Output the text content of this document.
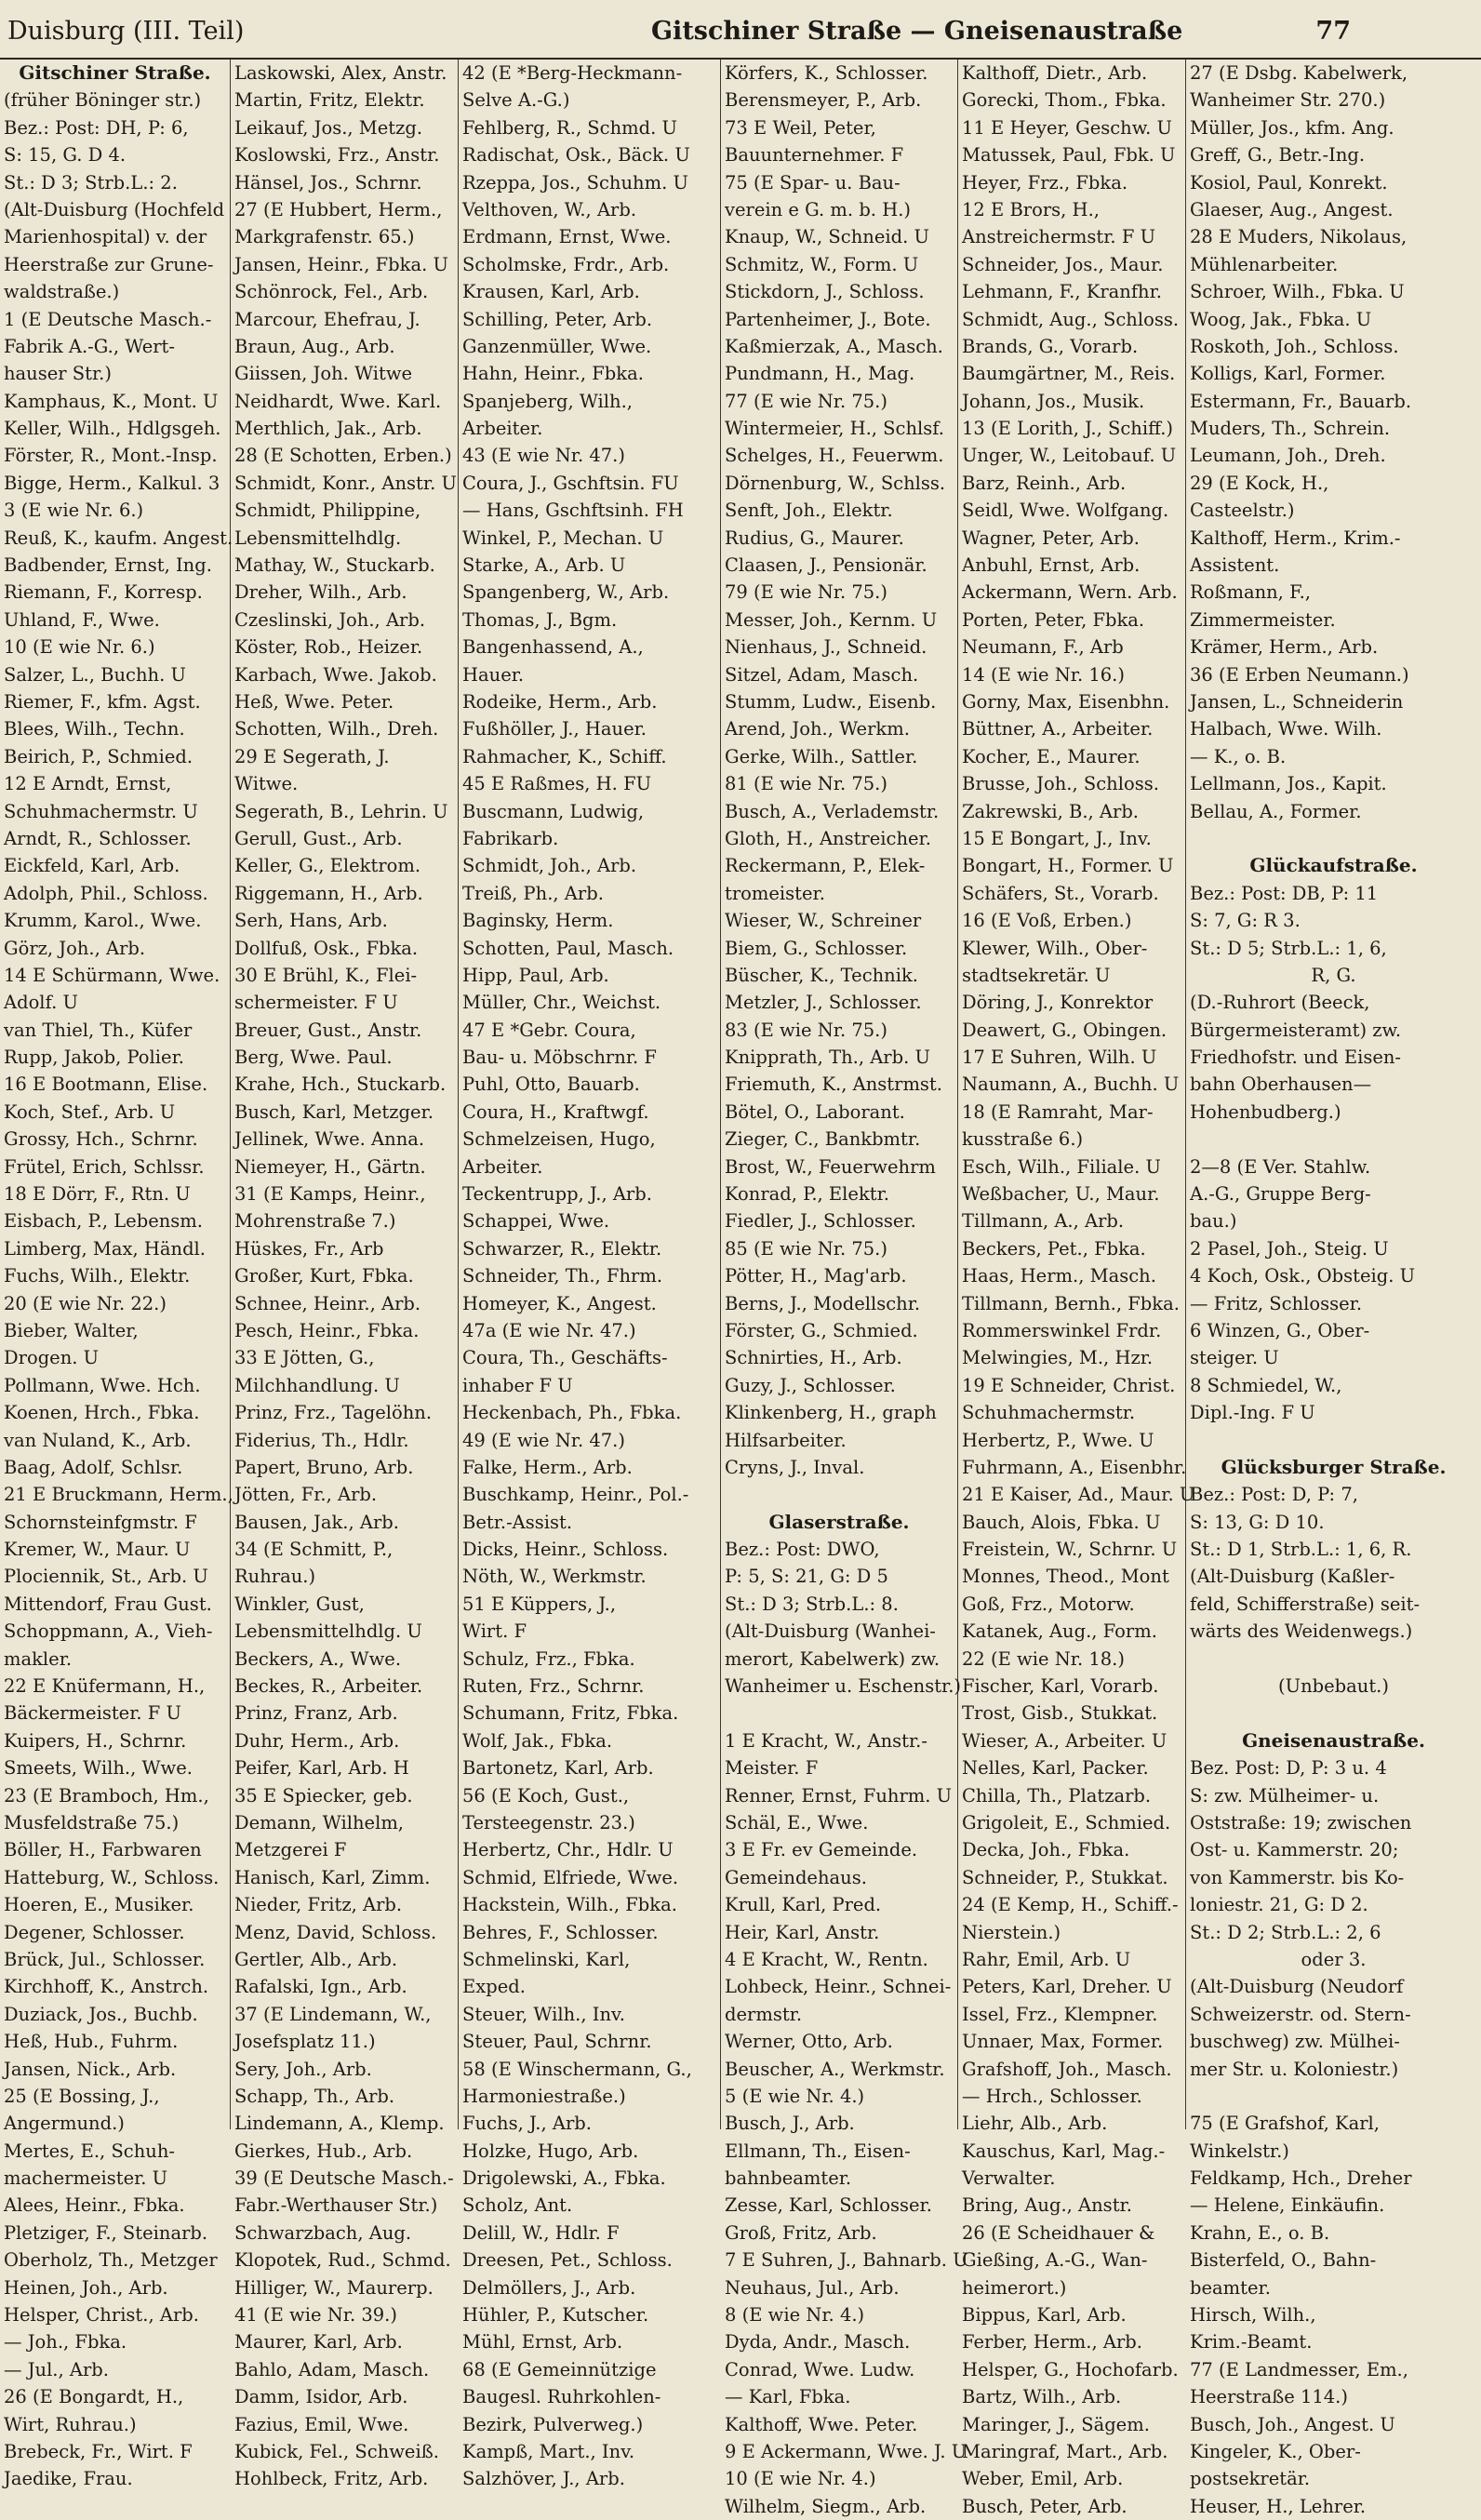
Duisburg (III. Teil)	Gitschiner Straße — Gneisenaustraße	77
Gitschiner Straße.
(früher Böninger str.)
Bez.: Post: DH, P: 6,
S: 15, G. D 4.
St.: D 3; Strb.L.: 2.
(Alt-Duisburg (Hochfeld
Marienhospital) v. der
Heerstraße zur Grune-
waldstraße.)
1 (E Deutsche Masch.-
Fabrik A.-G., Wert-
hauser Str.)
Kamphaus, K., Mont. U
Keller, Wilh., Hdlgsgeh.
Förster, R., Mont.-Insp.
Bigge, Herm., Kalkul. 3
3 (E wie Nr. 6.)
Reuß, K., kaufm. Angest.
Badbender, Ernst, Ing.
Riemann, F., Korresp.
Uhland, F., Wwe.
10 (E wie Nr. 6.)
Salzer, L., Buchh. U
Riemer, F., kfm. Agst.
Blees, Wilh., Techn.
Beirich, P., Schmied.
12 E Arndt, Ernst,
Schuhmachermstr. U
Arndt, R., Schlosser.
Eickfeld, Karl, Arb.
Adolph, Phil., Schloss.
Krumm, Karol., Wwe.
Görz, Joh., Arb.
14 E Schürmann, Wwe.
Adolf. U
van Thiel, Th., Küfer
Rupp, Jakob, Polier.
16 E Bootmann, Elise.
Koch, Stef., Arb. U
Grossy, Hch., Schrnr.
Frütel, Erich, Schlssr.
18 E Dörr, F., Rtn. U
Eisbach, P., Lebensm.
Limberg, Max, Händl.
Fuchs, Wilh., Elektr.
20 (E wie Nr. 22.)
Bieber, Walter,
Drogen. U
Pollmann, Wwe. Hch.
Koenen, Hrch., Fbka.
van Nuland, K., Arb.
Baag, Adolf, Schlsr.
21 E Bruckmann, Herm.,
Schornsteinfgmstr. F
Kremer, W., Maur. U
Plociennik, St., Arb. U
Mittendorf, Frau Gust.
Schoppmann, A., Vieh-
makler.
22 E Knüfermann, H.,
Bäckermeister. F U
Kuipers, H., Schrnr.
Smeets, Wilh., Wwe.
23 (E Bramboch, Hm.,
Musfeldstraße 75.)
Böller, H., Farbwaren
Hatteburg, W., Schloss.
Hoeren, E., Musiker.
Degener, Schlosser.
Brück, Jul., Schlosser.
Kirchhoff, K., Anstrch.
Duziack, Jos., Buchb.
Heß, Hub., Fuhrm.
Jansen, Nick., Arb.
25 (E Bossing, J.,
Angermund.)
Mertes, E., Schuh-
machermeister. U
Alees, Heinr., Fbka.
Pletziger, F., Steinarb.
Oberholz, Th., Metzger
Heinen, Joh., Arb.
Helsper, Christ., Arb.
— Joh., Fbka.
— Jul., Arb.
26 (E Bongardt, H.,
Wirt, Ruhrau.)
Brebeck, Fr., Wirt. F
Jaedike, Frau.
Laskowski, Alex, Anstr.
Martin, Fritz, Elektr.
Leikauf, Jos., Metzg.
Koslowski, Frz., Anstr.
Hänsel, Jos., Schrnr.
27 (E Hubbert, Herm.,
Markgrafenstr. 65.)
Jansen, Heinr., Fbka. U
Schönrock, Fel., Arb.
Marcour, Ehefrau, J.
Braun, Aug., Arb.
Giissen, Joh. Witwe
Neidhardt, Wwe. Karl.
Merthlich, Jak., Arb.
28 (E Schotten, Erben.)
Schmidt, Konr., Anstr. U
Schmidt, Philippine,
Lebensmittelhdlg.
Mathay, W., Stuckarb.
Dreher, Wilh., Arb.
Czeslinski, Joh., Arb.
Köster, Rob., Heizer.
Karbach, Wwe. Jakob.
Heß, Wwe. Peter.
Schotten, Wilh., Dreh.
29 E Segerath, J.
Witwe.
Segerath, B., Lehrin. U
Gerull, Gust., Arb.
Keller, G., Elektrom.
Riggemann, H., Arb.
Serh, Hans, Arb.
Dollfuß, Osk., Fbka.
30 E Brühl, K., Flei-
schermeister. F U
Breuer, Gust., Anstr.
Berg, Wwe. Paul.
Krahe, Hch., Stuckarb.
Busch, Karl, Metzger.
Jellinek, Wwe. Anna.
Niemeyer, H., Gärtn.
31 (E Kamps, Heinr.,
Mohrenstraße 7.)
Hüskes, Fr., Arb
Großer, Kurt, Fbka.
Schnee, Heinr., Arb.
Pesch, Heinr., Fbka.
33 E Jötten, G.,
Milchhandlung. U
Prinz, Frz., Tagelöhn.
Fiderius, Th., Hdlr.
Papert, Bruno, Arb.
Jötten, Fr., Arb.
Bausen, Jak., Arb.
34 (E Schmitt, P.,
Ruhrau.)
Winkler, Gust,
Lebensmittelhdlg. U
Beckers, A., Wwe.
Beckes, R., Arbeiter.
Prinz, Franz, Arb.
Duhr, Herm., Arb.
Peifer, Karl, Arb. H
35 E Spiecker, geb.
Demann, Wilhelm,
Metzgerei F
Hanisch, Karl, Zimm.
Nieder, Fritz, Arb.
Menz, David, Schloss.
Gertler, Alb., Arb.
Rafalski, Ign., Arb.
37 (E Lindemann, W.,
Josefsplatz 11.)
Sery, Joh., Arb.
Schapp, Th., Arb.
Lindemann, A., Klemp.
Gierkes, Hub., Arb.
39 (E Deutsche Masch.-
Fabr.-Werthauser Str.)
Schwarzbach, Aug.
Klopotek, Rud., Schmd.
Hilliger, W., Maurerp.
41 (E wie Nr. 39.)
Maurer, Karl, Arb.
Bahlo, Adam, Masch.
Damm, Isidor, Arb.
Fazius, Emil, Wwe.
Kubick, Fel., Schweiß.
Hohlbeck, Fritz, Arb.
42 (E *Berg-Heckmann-
Selve A.-G.)
Fehlberg, R., Schmd. U
Radischat, Osk., Bäck. U
Rzeppa, Jos., Schuhm. U
Velthoven, W., Arb.
Erdmann, Ernst, Wwe.
Scholmske, Frdr., Arb.
Krausen, Karl, Arb.
Schilling, Peter, Arb.
Ganzenmüller, Wwe.
Hahn, Heinr., Fbka.
Spanjeberg, Wilh.,
Arbeiter.
43 (E wie Nr. 47.)
Coura, J., Gschftsin. FU
— Hans, Gschftsinh. FH
Winkel, P., Mechan. U
Starke, A., Arb. U
Spangenberg, W., Arb.
Thomas, J., Bgm.
Bangenhassend, A.,
Hauer.
Rodeike, Herm., Arb.
Fußhöller, J., Hauer.
Rahmacher, K., Schiff.
45 E Raßmes, H. FU
Buscmann, Ludwig,
Fabrikarb.
Schmidt, Joh., Arb.
Treiß, Ph., Arb.
Baginsky, Herm.
Schotten, Paul, Masch.
Hipp, Paul, Arb.
Müller, Chr., Weichst.
47 E *Gebr. Coura,
Bau- u. Möbschrnr. F
Puhl, Otto, Bauarb.
Coura, H., Kraftwgf.
Schmelzeisen, Hugo,
Arbeiter.
Teckentrupp, J., Arb.
Schappei, Wwe.
Schwarzer, R., Elektr.
Schneider, Th., Fhrm.
Homeyer, K., Angest.
47a (E wie Nr. 47.)
Coura, Th., Geschäfts-
inhaber F U
Heckenbach, Ph., Fbka.
49 (E wie Nr. 47.)
Falke, Herm., Arb.
Buschkamp, Heinr., Pol.-
Betr.-Assist.
Dicks, Heinr., Schloss.
Nöth, W., Werkmstr.
51 E Küppers, J.,
Wirt. F
Schulz, Frz., Fbka.
Ruten, Frz., Schrnr.
Schumann, Fritz, Fbka.
Wolf, Jak., Fbka.
Bartonetz, Karl, Arb.
56 (E Koch, Gust.,
Tersteegenstr. 23.)
Herbertz, Chr., Hdlr. U
Schmid, Elfriede, Wwe.
Hackstein, Wilh., Fbka.
Behres, F., Schlosser.
Schmelinski, Karl,
Exped.
Steuer, Wilh., Inv.
Steuer, Paul, Schrnr.
58 (E Winschermann, G.,
Harmoniestraße.)
Fuchs, J., Arb.
Holzke, Hugo, Arb.
Drigolewski, A., Fbka.
Scholz, Ant.
Delill, W., Hdlr. F
Dreesen, Pet., Schloss.
Delmöllers, J., Arb.
Hühler, P., Kutscher.
Mühl, Ernst, Arb.
68 (E Gemeinnützige
Baugesl. Ruhrkohlen-
Bezirk, Pulverweg.)
Kampß, Mart., Inv.
Salzhöver, J., Arb.
Körfers, K., Schlosser.
Berensmeyer, P., Arb.
73 E Weil, Peter,
Bauunternehmer. F
75 (E Spar- u. Bau-
verein e G. m. b. H.)
Knaup, W., Schneid. U
Schmitz, W., Form. U
Stickdorn, J., Schloss.
Partenheimer, J., Bote.
Kaßmierzak, A., Masch.
Pundmann, H., Mag.
77 (E wie Nr. 75.)
Wintermeier, H., Schlsf.
Schelges, H., Feuerwm.
Dörnenburg, W., Schlss.
Senft, Joh., Elektr.
Rudius, G., Maurer.
Claasen, J., Pensionär.
79 (E wie Nr. 75.)
Messer, Joh., Kernm. U
Nienhaus, J., Schneid.
Sitzel, Adam, Masch.
Stumm, Ludw., Eisenb.
Arend, Joh., Werkm.
Gerke, Wilh., Sattler.
81 (E wie Nr. 75.)
Busch, A., Verlademstr.
Gloth, H., Anstreicher.
Reckermann, P., Elek-
tromeister.
Wieser, W., Schreiner
Biem, G., Schlosser.
Büscher, K., Technik.
Metzler, J., Schlosser.
83 (E wie Nr. 75.)
Knipprath, Th., Arb. U
Friemuth, K., Anstrmst.
Bötel, O., Laborant.
Zieger, C., Bankbmtr.
Brost, W., Feuerwehrm
Konrad, P., Elektr.
Fiedler, J., Schlosser.
85 (E wie Nr. 75.)
Pötter, H., Mag'arb.
Berns, J., Modellschr.
Förster, G., Schmied.
Schnirties, H., Arb.
Guzy, J., Schlosser.
Klinkenberg, H., graph
Hilfsarbeiter.
Cryns, J., Inval.
Glaserstraße.
Bez.: Post: DWO,
P: 5, S: 21, G: D 5
St.: D 3; Strb.L.: 8.
(Alt-Duisburg (Wanhei-
merort, Kabelwerk) zw.
Wanheimer u. Eschenstr.)
1 E Kracht, W., Anstr.-
Meister. F
Renner, Ernst, Fuhrm. U
Schäl, E., Wwe.
3 E Fr. ev Gemeinde.
Gemeindehaus.
Krull, Karl, Pred.
Heir, Karl, Anstr.
4 E Kracht, W., Rentn.
Lohbeck, Heinr., Schnei-
dermstr.
Werner, Otto, Arb.
Beuscher, A., Werkmstr.
5 (E wie Nr. 4.)
Busch, J., Arb.
Ellmann, Th., Eisen-
bahnbeamter.
Zesse, Karl, Schlosser.
Groß, Fritz, Arb.
7 E Suhren, J., Bahnarb. U
Neuhaus, Jul., Arb.
8 (E wie Nr. 4.)
Dyda, Andr., Masch.
Conrad, Wwe. Ludw.
— Karl, Fbka.
Kalthoff, Wwe. Peter.
9 E Ackermann, Wwe. J. U
10 (E wie Nr. 4.)
Wilhelm, Siegm., Arb.
Kalthoff, Dietr., Arb.
Gorecki, Thom., Fbka.
11 E Heyer, Geschw. U
Matussek, Paul, Fbk. U
Heyer, Frz., Fbka.
12 E Brors, H.,
Anstreichermstr. F U
Schneider, Jos., Maur.
Lehmann, F., Kranfhr.
Schmidt, Aug., Schloss.
Brands, G., Vorarb.
Baumgärtner, M., Reis.
Johann, Jos., Musik.
13 (E Lorith, J., Schiff.)
Unger, W., Leitobauf. U
Barz, Reinh., Arb.
Seidl, Wwe. Wolfgang.
Wagner, Peter, Arb.
Anbuhl, Ernst, Arb.
Ackermann, Wern. Arb.
Porten, Peter, Fbka.
Neumann, F., Arb
14 (E wie Nr. 16.)
Gorny, Max, Eisenbhn.
Büttner, A., Arbeiter.
Kocher, E., Maurer.
Brusse, Joh., Schloss.
Zakrewski, B., Arb.
15 E Bongart, J., Inv.
Bongart, H., Former. U
Schäfers, St., Vorarb.
16 (E Voß, Erben.)
Klewer, Wilh., Ober-
stadtsekretär. U
Döring, J., Konrektor
Deawert, G., Obingen.
17 E Suhren, Wilh. U
Naumann, A., Buchh. U
18 (E Ramraht, Mar-
kusstraße 6.)
Esch, Wilh., Filiale. U
Weßbacher, U., Maur.
Tillmann, A., Arb.
Beckers, Pet., Fbka.
Haas, Herm., Masch.
Tillmann, Bernh., Fbka.
Rommerswinkel Frdr.
Melwingies, M., Hzr.
19 E Schneider, Christ.
Schuhmachermstr.
Herbertz, P., Wwe. U
Fuhrmann, A., Eisenbhr.
21 E Kaiser, Ad., Maur. U
Bauch, Alois, Fbka. U
Freistein, W., Schrnr. U
Monnes, Theod., Mont
Goß, Frz., Motorw.
Katanek, Aug., Form.
22 (E wie Nr. 18.)
Fischer, Karl, Vorarb.
Trost, Gisb., Stukkat.
Wieser, A., Arbeiter. U
Nelles, Karl, Packer.
Chilla, Th., Platzarb.
Grigoleit, E., Schmied.
Decka, Joh., Fbka.
Schneider, P., Stukkat.
24 (E Kemp, H., Schiff.-
Nierstein.)
Rahr, Emil, Arb. U
Peters, Karl, Dreher. U
Issel, Frz., Klempner.
Unnaer, Max, Former.
Grafshoff, Joh., Masch.
— Hrch., Schlosser.
Liehr, Alb., Arb.
Kauschus, Karl, Mag.-
Verwalter.
Bring, Aug., Anstr.
26 (E Scheidhauer &
Gießing, A.-G., Wan-
heimerort.)
Bippus, Karl, Arb.
Ferber, Herm., Arb.
Helsper, G., Hochofarb.
Bartz, Wilh., Arb.
Maringer, J., Sägem.
Maringraf, Mart., Arb.
Weber, Emil, Arb.
Busch, Peter, Arb.
27 (E Dsbg. Kabelwerk,
Wanheimer Str. 270.)
Müller, Jos., kfm. Ang.
Greff, G., Betr.-Ing.
Kosiol, Paul, Konrekt.
Glaeser, Aug., Angest.
28 E Muders, Nikolaus,
Mühlenarbeiter.
Schroer, Wilh., Fbka. U
Woog, Jak., Fbka. U
Roskoth, Joh., Schloss.
Kolligs, Karl, Former.
Estermann, Fr., Bauarb.
Muders, Th., Schrein.
Leumann, Joh., Dreh.
29 (E Kock, H.,
Casteelstr.)
Kalthoff, Herm., Krim.-
Assistent.
Roßmann, F.,
Zimmermeister.
Krämer, Herm., Arb.
36 (E Erben Neumann.)
Jansen, L., Schneiderin
Halbach, Wwe. Wilh.
— K., o. B.
Lellmann, Jos., Kapit.
Bellau, A., Former.
Glückaufstraße.
Bez.: Post: DB, P: 11
S: 7, G: R 3.
St.: D 5; Strb.L.: 1, 6,
R, G.
(D.-Ruhrort (Beeck,
Bürgermeisteramt) zw.
Friedhofstr. und Eisen-
bahn Oberhausen—
Hohenbudberg.)
2—8 (E Ver. Stahlw.
A.-G., Gruppe Berg-
bau.)
2 Pasel, Joh., Steig. U
4 Koch, Osk., Obsteig. U
— Fritz, Schlosser.
6 Winzen, G., Ober-
steiger. U
8 Schmiedel, W.,
Dipl.-Ing. F U
Glücksburger Straße.
Bez.: Post: D, P: 7,
S: 13, G: D 10.
St.: D 1, Strb.L.: 1, 6, R.
(Alt-Duisburg (Kaßler-
feld, Schifferstraße) seit-
wärts des Weidenwegs.)
(Unbebaut.)
Gneisenaustraße.
Bez. Post: D, P: 3 u. 4
S: zw. Mülheimer- u.
Oststraße: 19; zwischen
Ost- u. Kammerstr. 20;
von Kammerstr. bis Ko-
loniestr. 21, G: D 2.
St.: D 2; Strb.L.: 2, 6
oder 3.
(Alt-Duisburg (Neudorf
Schweizerstr. od. Stern-
buschweg) zw. Mülhei-
mer Str. u. Koloniestr.)
75 (E Grafshof, Karl,
Winkelstr.)
Feldkamp, Hch., Dreher
— Helene, Einkäufin.
Krahn, E., o. B.
Bisterfeld, O., Bahn-
beamter.
Hirsch, Wilh.,
Krim.-Beamt.
77 (E Landmesser, Em.,
Heerstraße 114.)
Busch, Joh., Angest. U
Kingeler, K., Ober-
postsekretär.
Heuser, H., Lehrer.
